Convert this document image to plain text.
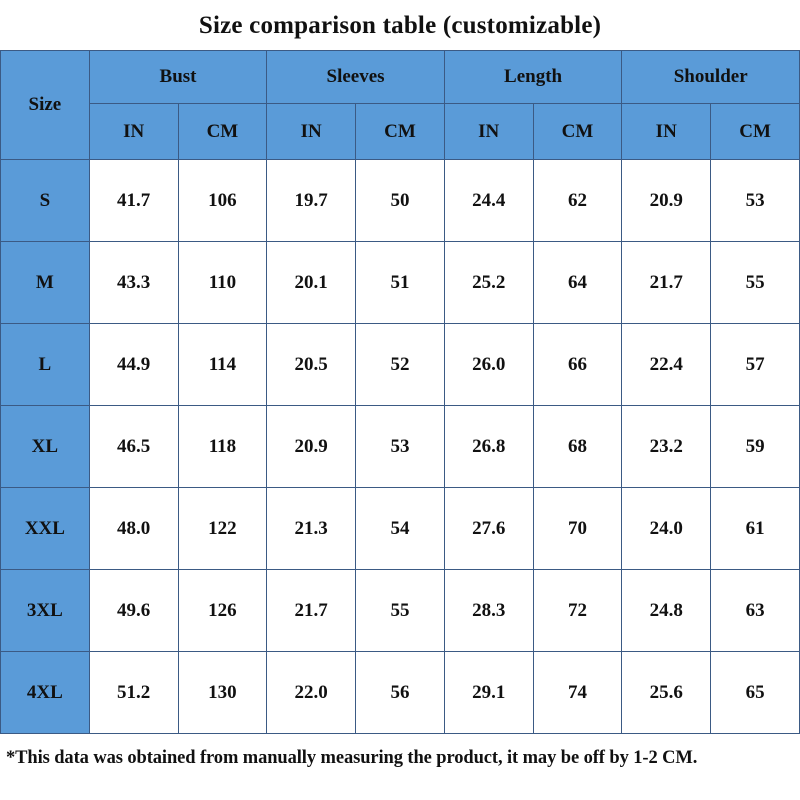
Size comparison table (customizable)
Size	Bust		Sleeves		Length		Shoulder	
	IN	CM	IN	CM	IN	CM	IN	CM
S	41.7	106	19.7	50	24.4	62	20.9	53
M	43.3	110	20.1	51	25.2	64	21.7	55
L	44.9	114	20.5	52	26.0	66	22.4	57
XL	46.5	118	20.9	53	26.8	68	23.2	59
XXL	48.0	122	21.3	54	27.6	70	24.0	61
3XL	49.6	126	21.7	55	28.3	72	24.8	63
4XL	51.2	130	22.0	56	29.1	74	25.6	65
*This data was obtained from manually measuring the product, it may be off by 1-2 CM.
